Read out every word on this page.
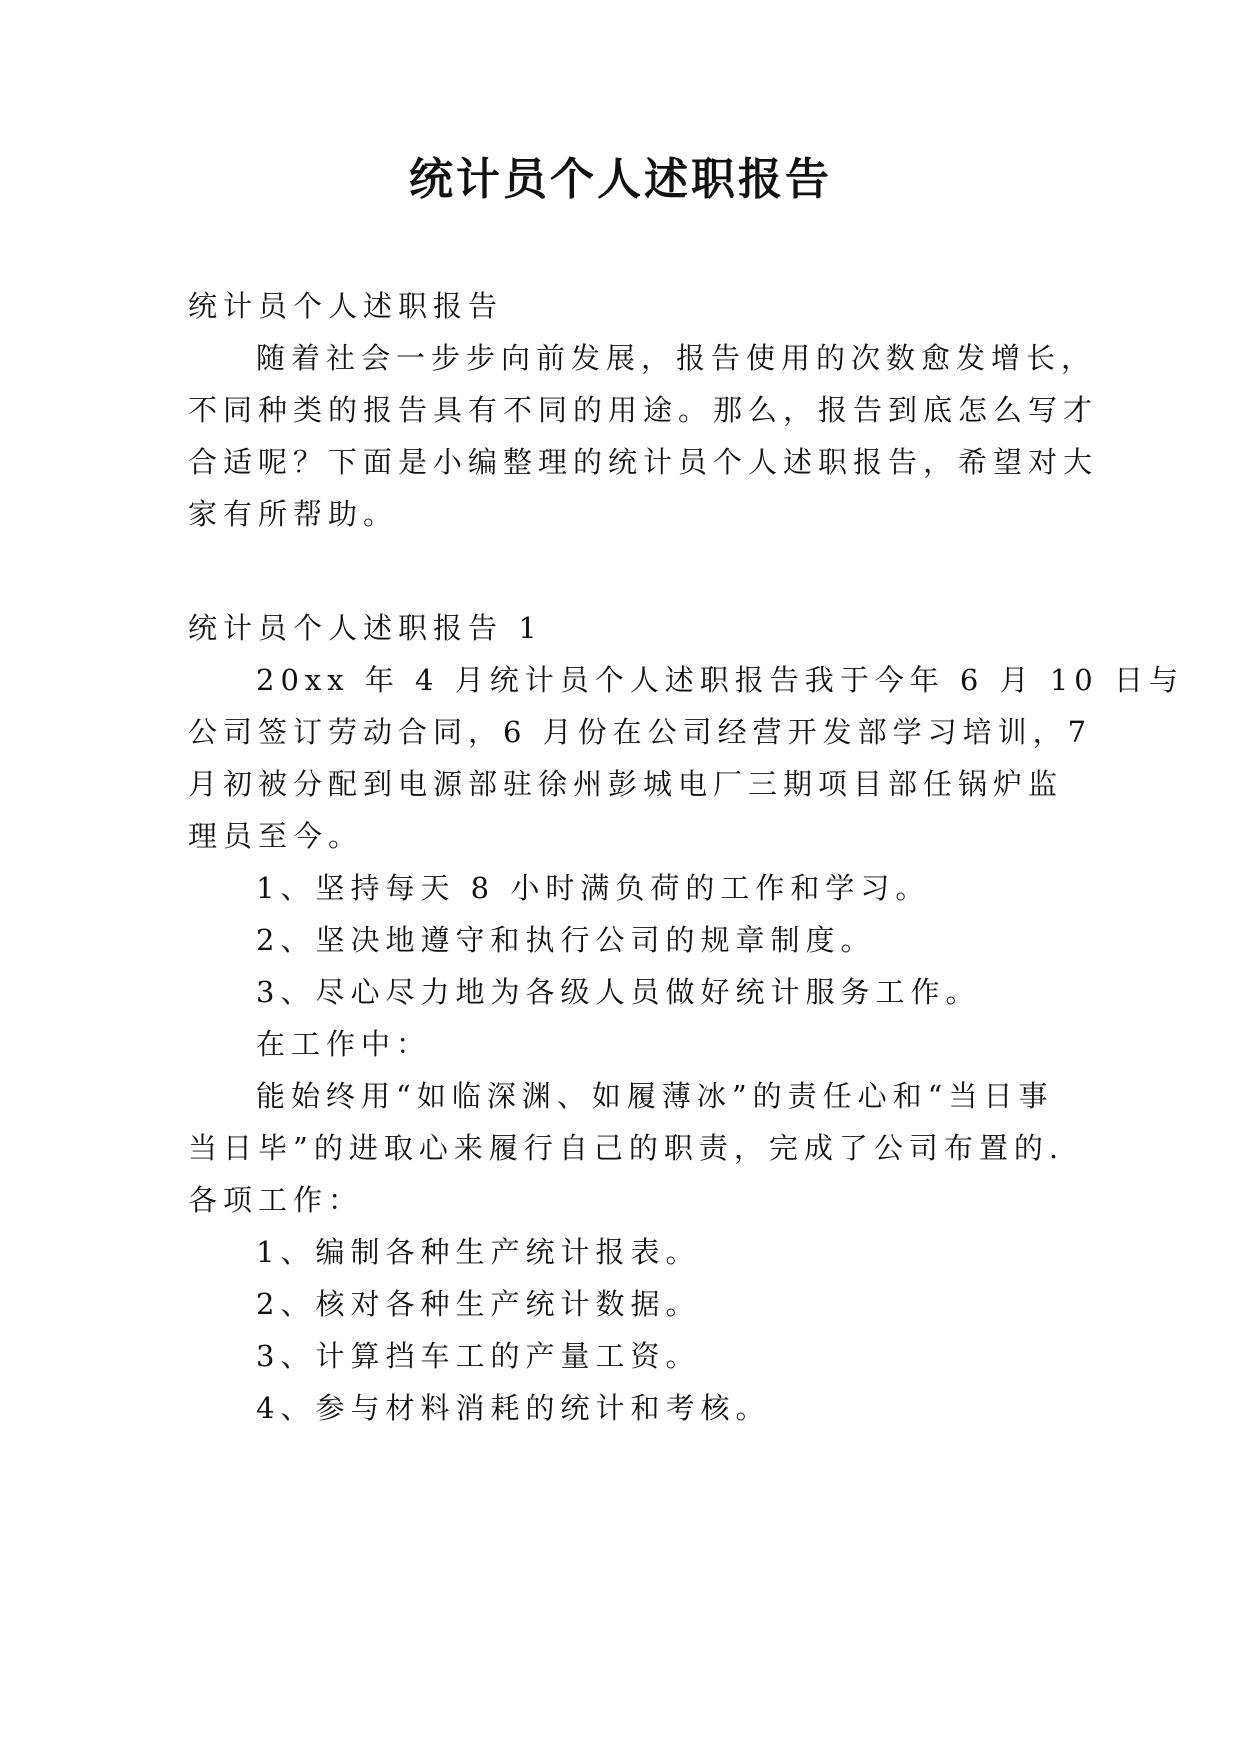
统计员个人述职报告
统计员个人述职报告
随着社会一步步向前发展，报告使用的次数愈发增长，
不同种类的报告具有不同的用途。那么，报告到底怎么写才
合适呢？下面是小编整理的统计员个人述职报告，希望对大
家有所帮助。
统计员个人述职报告 1
20xx 年 4 月统计员个人述职报告我于今年 6 月 10 日与
公司签订劳动合同，6 月份在公司经营开发部学习培训，7
月初被分配到电源部驻徐州彭城电厂三期项目部任锅炉监
理员至今。
1、坚持每天 8 小时满负荷的工作和学习。
2、坚决地遵守和执行公司的规章制度。
3、尽心尽力地为各级人员做好统计服务工作。
在工作中：
能始终用“如临深渊、如履薄冰”的责任心和“当日事
当日毕”的进取心来履行自己的职责，完成了公司布置的.
各项工作：
1、编制各种生产统计报表。
2、核对各种生产统计数据。
3、计算挡车工的产量工资。
4、参与材料消耗的统计和考核。
